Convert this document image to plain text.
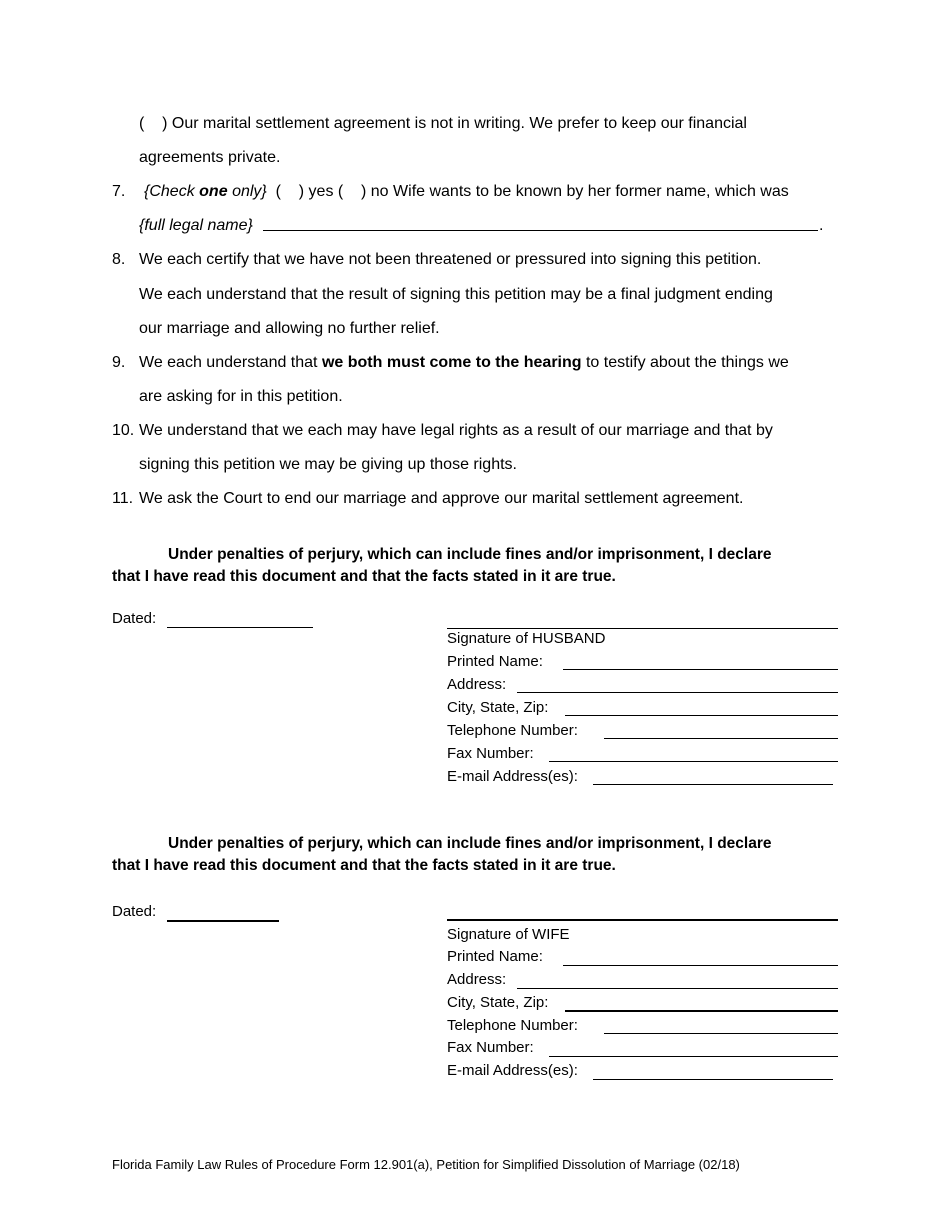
(    ) Our marital settlement agreement is not in writing. We prefer to keep our financial
agreements private.
7. {Check one only} (    ) yes (    ) no Wife wants to be known by her former name, which was
{full legal name}	.
8. We each certify that we have not been threatened or pressured into signing this petition.
We each understand that the result of signing this petition may be a final judgment ending
our marriage and allowing no further relief.
9. We each understand that we both must come to the hearing to testify about the things we
are asking for in this petition.
10. We understand that we each may have legal rights as a result of our marriage and that by
signing this petition we may be giving up those rights.
11. We ask the Court to end our marriage and approve our marital settlement agreement.
Under penalties of perjury, which can include fines and/or imprisonment, I declare
that I have read this document and that the facts stated in it are true.
Dated:
Signature of HUSBAND
Printed Name:
Address:
City, State, Zip:
Telephone Number:
Fax Number:
E-mail Address(es):
Under penalties of perjury, which can include fines and/or imprisonment, I declare
that I have read this document and that the facts stated in it are true.
Dated:
Signature of WIFE
Printed Name:
Address:
City, State, Zip:
Telephone Number:
Fax Number:
E-mail Address(es):
Florida Family Law Rules of Procedure Form 12.901(a), Petition for Simplified Dissolution of Marriage (02/18)
